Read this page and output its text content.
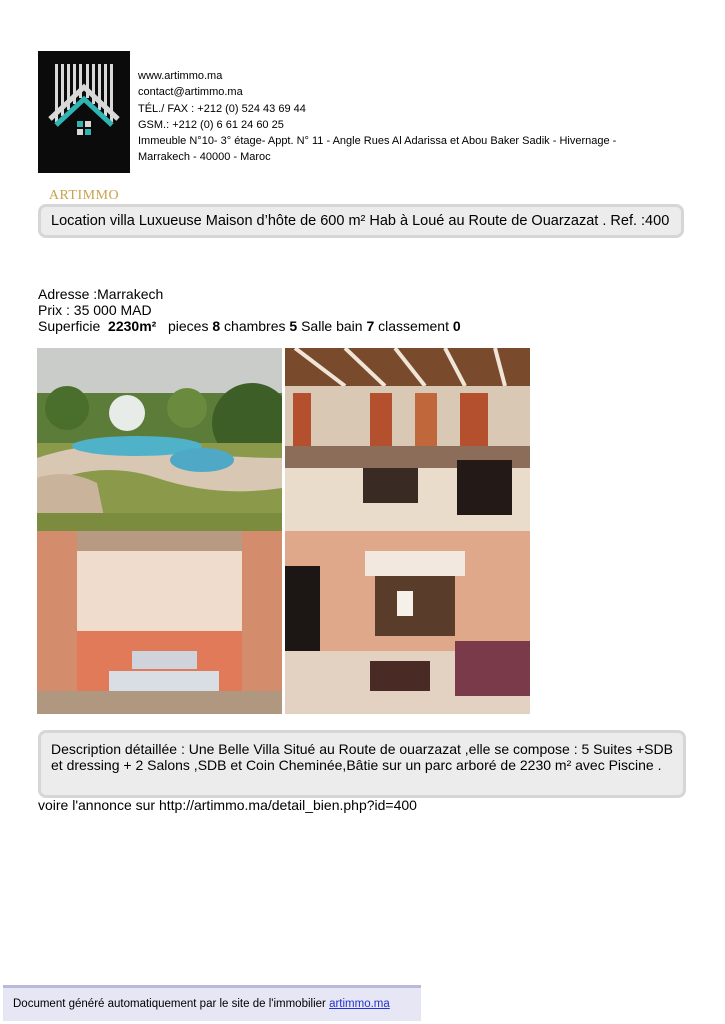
ARTIMMO
www.artimmo.ma
contact@artimmo.ma
TÉL./ FAX : +212 (0) 524 43 69 44
GSM.: +212 (0) 6 61 24 60 25
Immeuble N°10- 3° étage- Appt. N° 11 - Angle Rues Al Adarissa et Abou Baker Sadik - Hivernage -
Marrakech - 40000 - Maroc
Location villa Luxueuse Maison d’hôte de 600 m² Hab à Loué au Route de Ouarzazat . Ref. :400
Adresse :Marrakech
Prix : 35 000 MAD
Superficie 2230m² pieces 8 chambres 5 Salle bain 7 classement 0
Description détaillée : Une Belle Villa Situé au Route de ouarzazat ,elle se compose : 5 Suites +SDB et dressing + 2 Salons ,SDB et Coin Cheminée,Bâtie sur un parc arboré de 2230 m² avec Piscine .
voire l'annonce sur http://artimmo.ma/detail_bien.php?id=400
Document généré automatiquement par le site de l'immobilier artimmo.ma
